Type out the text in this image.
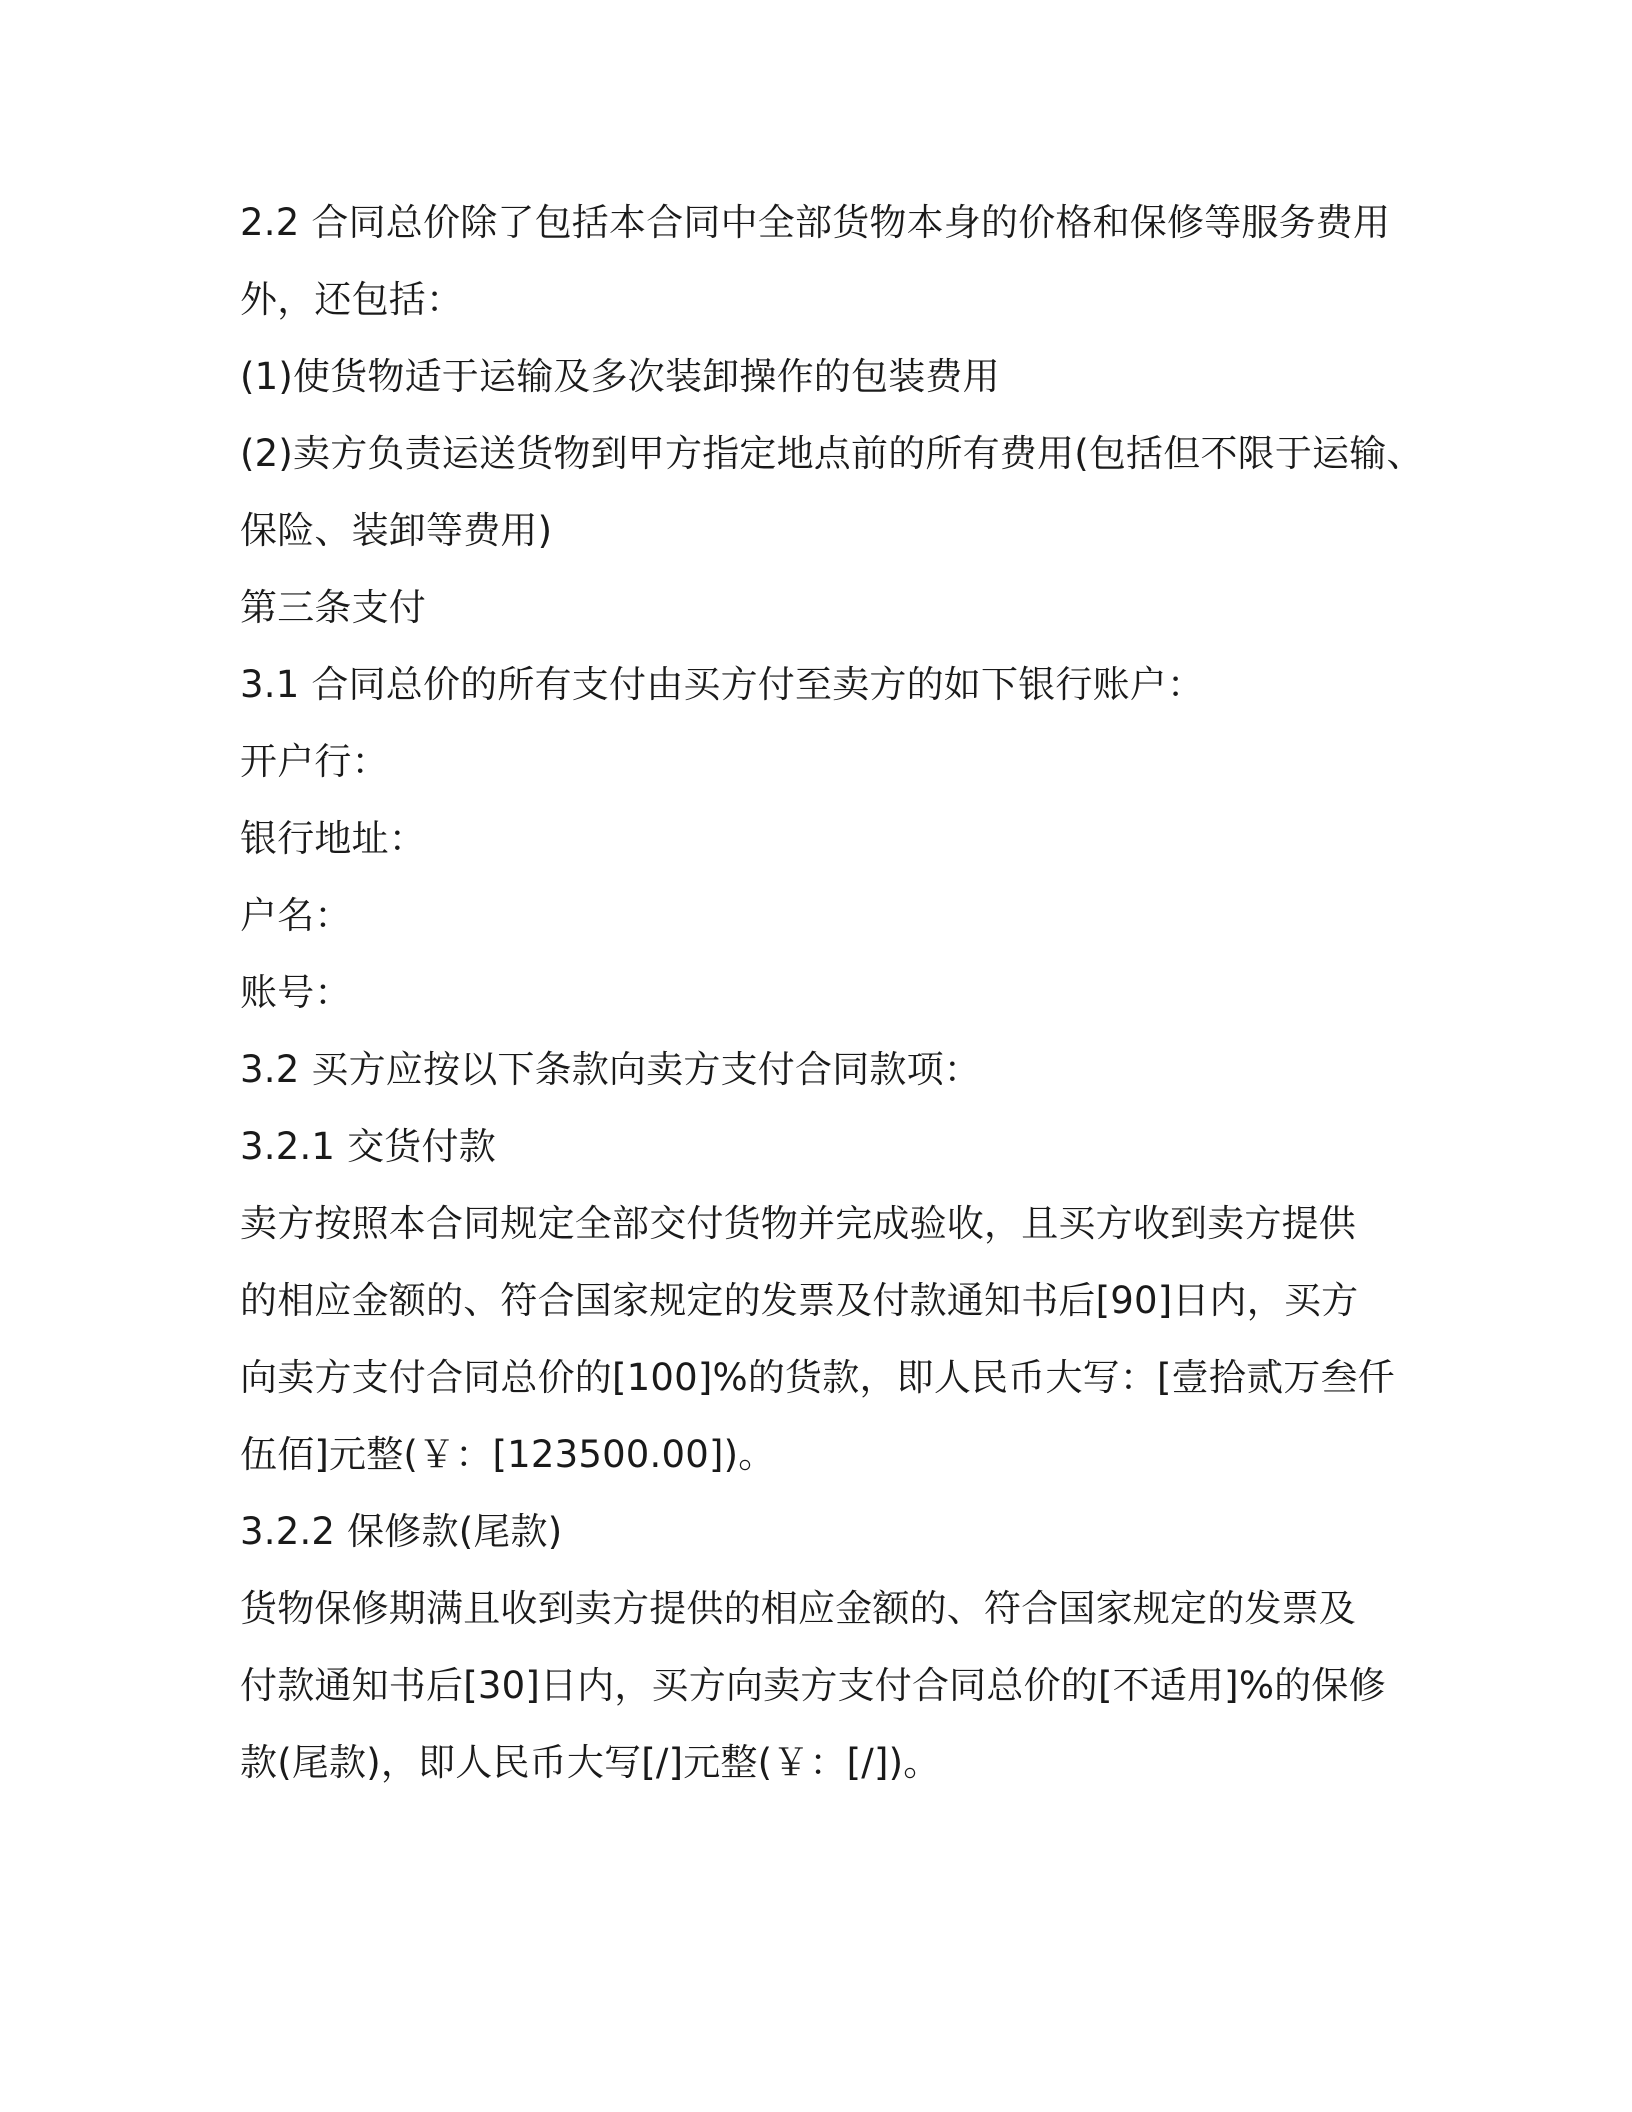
2.2 合同总价除了包括本合同中全部货物本身的价格和保修等服务费用
外，还包括：
(1)使货物适于运输及多次装卸操作的包装费用
(2)卖方负责运送货物到甲方指定地点前的所有费用(包括但不限于运输、
保险、装卸等费用)
第三条支付
3.1 合同总价的所有支付由买方付至卖方的如下银行账户：
开户行：
银行地址：
户名：
账号：
3.2 买方应按以下条款向卖方支付合同款项：
3.2.1 交货付款
卖方按照本合同规定全部交付货物并完成验收，且买方收到卖方提供
的相应金额的、符合国家规定的发票及付款通知书后[90]日内，买方
向卖方支付合同总价的[100]%的货款，即人民币大写：[壹拾贰万叁仟
伍佰]元整(￥：[123500.00])。
3.2.2 保修款(尾款)
货物保修期满且收到卖方提供的相应金额的、符合国家规定的发票及
付款通知书后[30]日内，买方向卖方支付合同总价的[不适用]%的保修
款(尾款)，即人民币大写[/]元整(￥：[/])。
